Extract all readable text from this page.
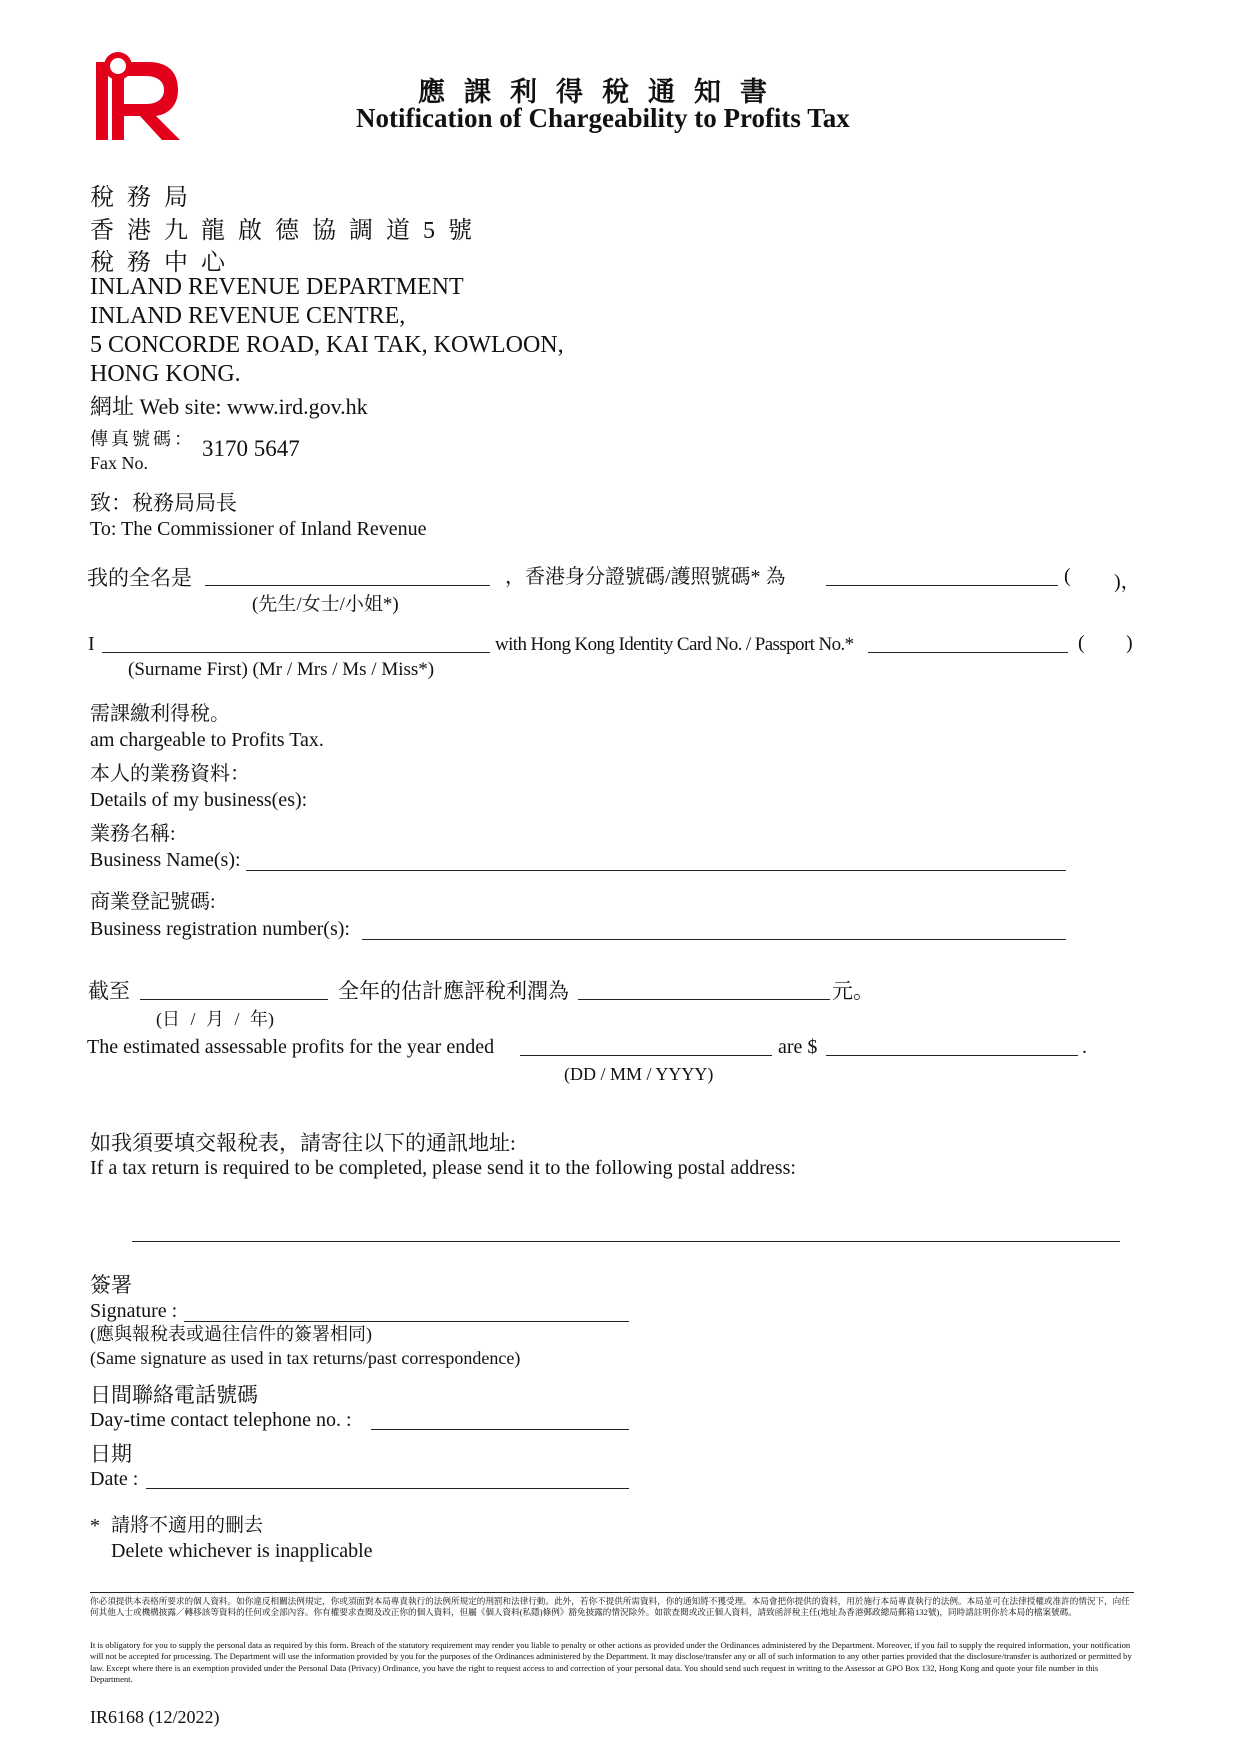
應課利得稅通知書
Notification of Chargeability to Profits Tax
稅務局
香港九龍啟德協調道5號
稅務中心
INLAND REVENUE DEPARTMENT
INLAND REVENUE CENTRE,
5 CONCORDE ROAD, KAI TAK, KOWLOON,
HONG KONG.
網址 Web site: www.ird.gov.hk
傳真號碼：
Fax No.
3170 5647
致：稅務局局長
To: The Commissioner of Inland Revenue
我的全名是	，香港身分證號碼/護照號碼* 為	( )，
(先生/女士/小姐*)
I	with Hong Kong Identity Card No. / Passport No.*	( )
(Surname First) (Mr / Mrs / Ms / Miss*)
需課繳利得稅。
am chargeable to Profits Tax.
本人的業務資料：
Details of my business(es):
業務名稱:
Business Name(s):
商業登記號碼:
Business registration number(s):
截至	全年的估計應評稅利潤為	元。
(日 / 月 / 年)
The estimated assessable profits for the year ended	are $	.
(DD / MM / YYYY)
如我須要填交報稅表，請寄往以下的通訊地址:
If a tax return is required to be completed, please send it to the following postal address:
簽署
Signature :
(應與報稅表或過往信件的簽署相同)
(Same signature as used in tax returns/past correspondence)
日間聯絡電話號碼
Day-time contact telephone no. :
日期
Date :
* 請將不適用的刪去
Delete whichever is inapplicable
你必須提供本表格所要求的個人資料。如你違反相關法例規定，你或須面對本局專責執行的法例所規定的刑罰和法律行動。此外，若你不提供所需資料，你的通知將不獲受理。本局會把你提供的資料，用於施行本局專責執行的法例。本局並可在法律授權或准許的情況下，向任何其他人士或機構披露／轉移該等資料的任何或全部內容。你有權要求查閱及改正你的個人資料，但屬《個人資料(私隱)條例》豁免披露的情況除外。如欲查閱或改正個人資料，請致函評稅主任(地址為香港郵政總局郵箱132號)，同時請註明你於本局的檔案號碼。
It is obligatory for you to supply the personal data as required by this form. Breach of the statutory requirement may render you liable to penalty or other actions as provided under the Ordinances administered by the Department. Moreover, if you fail to supply the required information, your notification will not be accepted for processing. The Department will use the information provided by you for the purposes of the Ordinances administered by the Department. It may disclose/transfer any or all of such information to any other parties provided that the disclosure/transfer is authorized or permitted by law. Except where there is an exemption provided under the Personal Data (Privacy) Ordinance, you have the right to request access to and correction of your personal data. You should send such request in writing to the Assessor at GPO Box 132, Hong Kong and quote your file number in this Department.
IR6168 (12/2022)
